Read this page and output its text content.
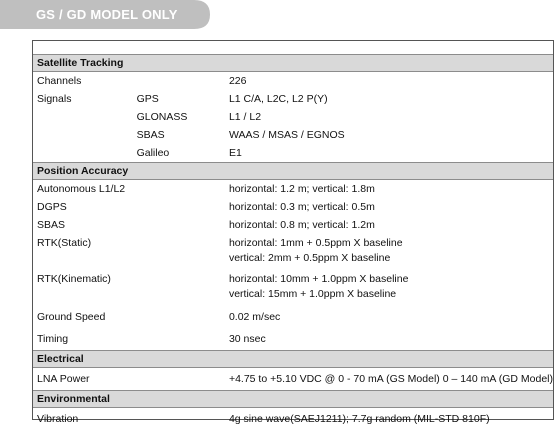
GS / GD MODEL ONLY
Satellite Tracking		
Channels		226
Signals	GPS	L1 C/A, L2C, L2 P(Y)
	GLONASS	L1 / L2
	SBAS	WAAS / MSAS / EGNOS
	Galileo	E1
Position Accuracy		
Autonomous L1/L2		horizontal: 1.2 m; vertical: 1.8m
DGPS		horizontal: 0.3 m; vertical: 0.5m
SBAS		horizontal: 0.8 m; vertical: 1.2m
RTK(Static)		horizontal: 1mm + 0.5ppm X baseline
vertical: 2mm + 0.5ppm X baseline

RTK(Kinematic)		horizontal: 10mm + 1.0ppm X baseline
vertical: 15mm + 1.0ppm X baseline

Ground Speed		0.02 m/sec
Timing		30 nsec
Electrical		
LNA Power		+4.75 to +5.10 VDC @ 0 - 70 mA (GS Model) 0 – 140 mA (GD Model)
Environmental		
Vibration		4g sine wave(SAEJ1211); 7.7g random (MIL-STD 810F)
